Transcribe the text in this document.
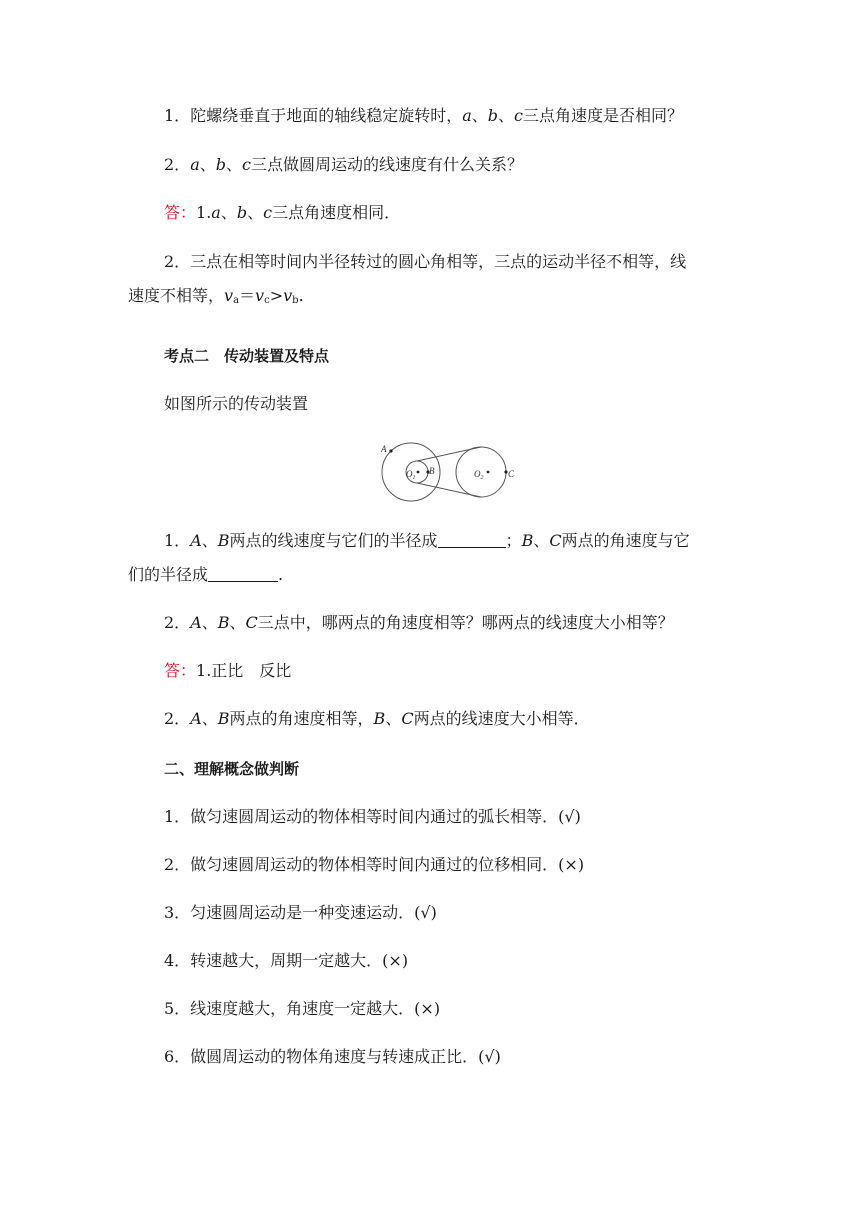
1．陀螺绕垂直于地面的轴线稳定旋转时，a、b、c三点角速度是否相同？
2．a、b、c三点做圆周运动的线速度有什么关系？
答：1.a、b、c三点角速度相同．
2．三点在相等时间内半径转过的圆心角相等，三点的运动半径不相等，线
速度不相等，$v_a=v_c>v_b$.
考点二　传动装置及特点
如图所示的传动装置
A
$O_1$
B	$O_2$	C
1．A、B两点的线速度与它们的半径成	；B、C两点的角速度与它
们的半径成	.
2．A、B、C三点中，哪两点的角速度相等？哪两点的线速度大小相等？
答：1.正比　反比
2．A、B两点的角速度相等，B、C两点的线速度大小相等．
二、理解概念做判断
1．做匀速圆周运动的物体相等时间内通过的弧长相等．(√)
2．做匀速圆周运动的物体相等时间内通过的位移相同．(×)
3．匀速圆周运动是一种变速运动．(√)
4．转速越大，周期一定越大．(×)
5．线速度越大，角速度一定越大．(×)
6．做圆周运动的物体角速度与转速成正比．(√)
